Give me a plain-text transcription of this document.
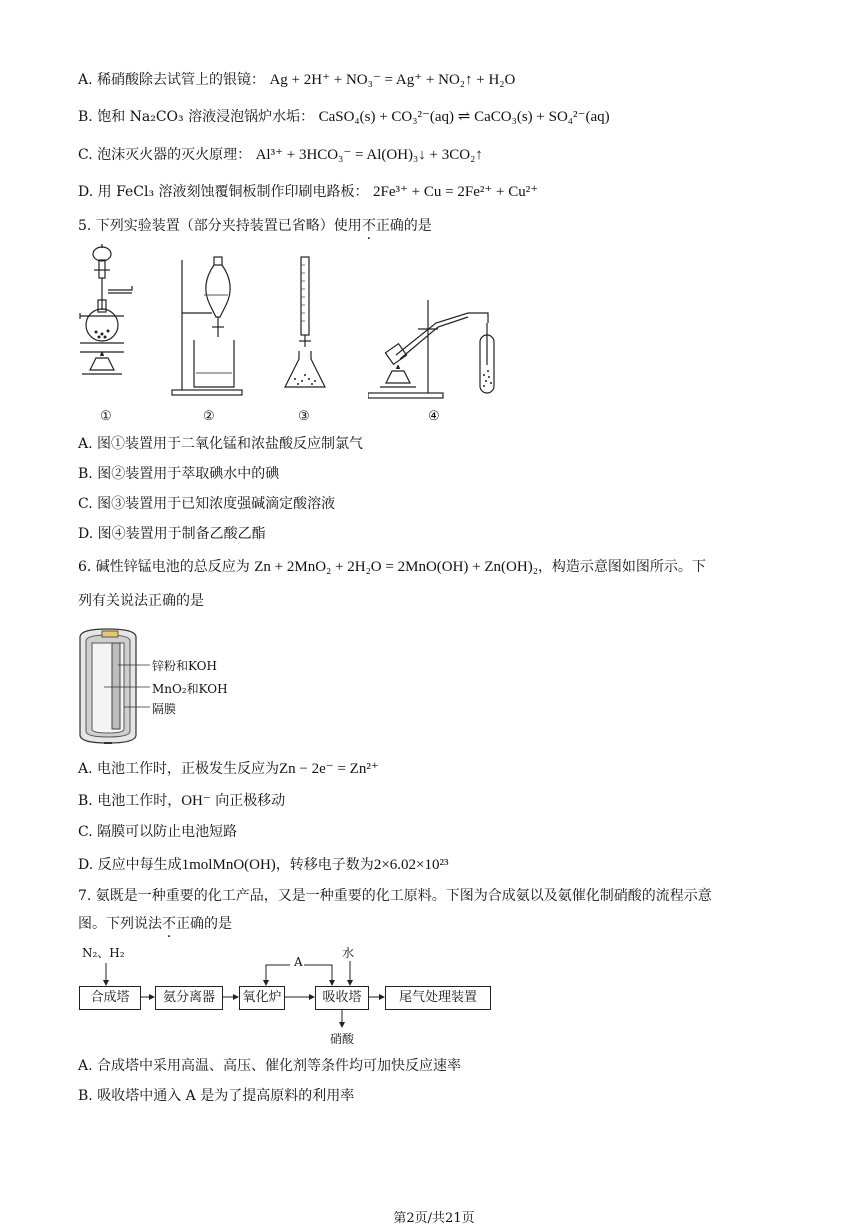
A. 稀硝酸除去试管上的银镜： Ag + 2H⁺ + NO₃⁻ = Ag⁺ + NO₂↑ + H₂O
B. 饱和 Na₂CO₃ 溶液浸泡锅炉水垢： CaSO₄(s) + CO₃²⁻(aq) ⇌ CaCO₃(s) + SO₄²⁻(aq)
C. 泡沫灭火器的灭火原理： Al³⁺ + 3HCO₃⁻ = Al(OH)₃↓ + 3CO₂↑
D. 用 FeCl₃ 溶液刻蚀覆铜板制作印刷电路板： 2Fe³⁺ + Cu = 2Fe²⁺ + Cu²⁺
5. 下列实验装置（部分夹持装置已省略）使用不正确的是
①	②	③	④
A. 图①装置用于二氧化锰和浓盐酸反应制氯气
B. 图②装置用于萃取碘水中的碘
C. 图③装置用于已知浓度强碱滴定酸溶液
D. 图④装置用于制备乙酸乙酯
6. 碱性锌锰电池的总反应为 Zn + 2MnO₂ + 2H₂O = 2MnO(OH) + Zn(OH)₂，构造示意图如图所示。下
列有关说法正确的是
锌粉和KOH
MnO₂和KOH
隔膜
A. 电池工作时，正极发生反应为Zn − 2e⁻ = Zn²⁺
B. 电池工作时，OH⁻ 向正极移动
C. 隔膜可以防止电池短路
D. 反应中每生成1molMnO(OH)，转移电子数为2×6.02×10²³
7. 氨既是一种重要的化工产品，又是一种重要的化工原料。下图为合成氨以及氨催化制硝酸的流程示意
图。下列说法不正确的是
N₂、H₂
A
水
合成塔	氨分离器	氧化炉	吸收塔	尾气处理装置
硝酸
A. 合成塔中采用高温、高压、催化剂等条件均可加快反应速率
B. 吸收塔中通入 A 是为了提高原料的利用率
第2页/共21页
